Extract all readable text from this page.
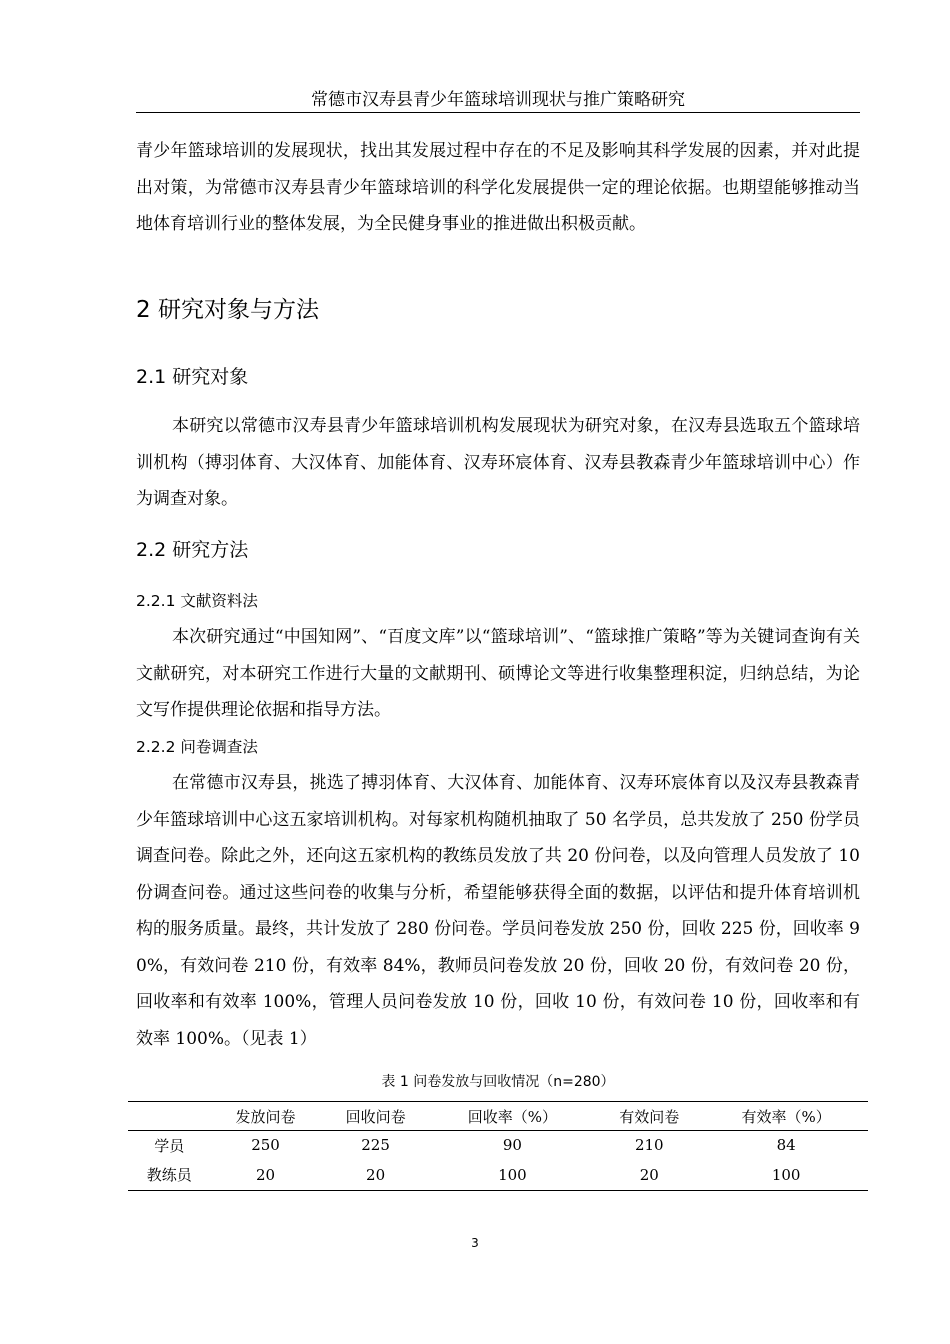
常德市汉寿县青少年篮球培训现状与推广策略研究
青少年篮球培训的发展现状，找出其发展过程中存在的不足及影响其科学发展的因素，并对此提出对策，为常德市汉寿县青少年篮球培训的科学化发展提供一定的理论依据。也期望能够推动当地体育培训行业的整体发展，为全民健身事业的推进做出积极贡献。
2 研究对象与方法
2.1 研究对象
本研究以常德市汉寿县青少年篮球培训机构发展现状为研究对象，在汉寿县选取五个篮球培训机构（搏羽体育、大汉体育、加能体育、汉寿环宸体育、汉寿县教森青少年篮球培训中心）作为调查对象。
2.2 研究方法
2.2.1 文献资料法
本次研究通过“中国知网”、“百度文库”以“篮球培训”、“篮球推广策略”等为关键词查询有关文献研究，对本研究工作进行大量的文献期刊、硕博论文等进行收集整理积淀，归纳总结，为论文写作提供理论依据和指导方法。
2.2.2 问卷调查法
在常德市汉寿县，挑选了搏羽体育、大汉体育、加能体育、汉寿环宸体育以及汉寿县教森青少年篮球培训中心这五家培训机构。对每家机构随机抽取了 50 名学员，总共发放了 250 份学员调查问卷。除此之外，还向这五家机构的教练员发放了共 20 份问卷，以及向管理人员发放了 10 份调查问卷。通过这些问卷的收集与分析，希望能够获得全面的数据，以评估和提升体育培训机构的服务质量。最终，共计发放了 280 份问卷。学员问卷发放 250 份，回收 225 份，回收率 90%，有效问卷 210 份，有效率 84%，教师员问卷发放 20 份，回收 20 份，有效问卷 20 份，回收率和有效率 100%，管理人员问卷发放 10 份，回收 10 份，有效问卷 10 份，回收率和有效率 100%。（见表 1）
表 1 问卷发放与回收情况（n=280）
	发放问卷	回收问卷	回收率（%）	有效问卷	有效率（%）
学员	250	225	90	210	84
教练员	20	20	100	20	100
3
